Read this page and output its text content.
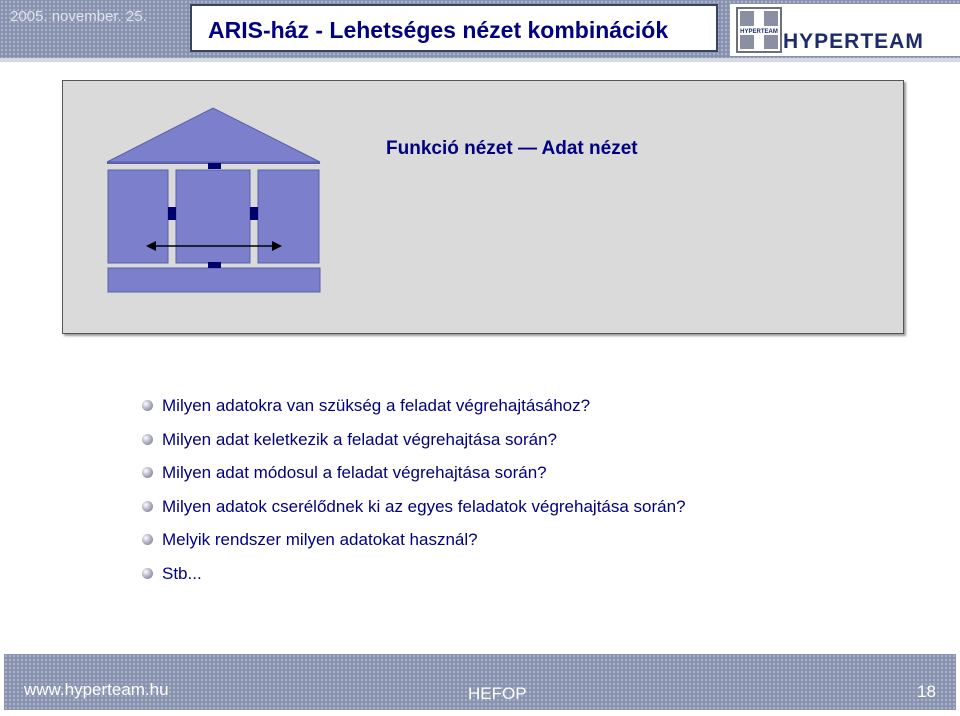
2005. november. 25.
ARIS-ház - Lehetséges nézet kombinációk	HYPERTEAM HYPERTEAM
Funkció nézet — Adat nézet
Milyen adatokra van szükség a feladat végrehajtásához?
Milyen adat keletkezik a feladat végrehajtása során?
Milyen adat módosul a feladat végrehajtása során?
Milyen adatok cserélődnek ki az egyes feladatok végrehajtása során?
Melyik rendszer milyen adatokat használ?
Stb...
www.hyperteam.hu	HEFOP	18
